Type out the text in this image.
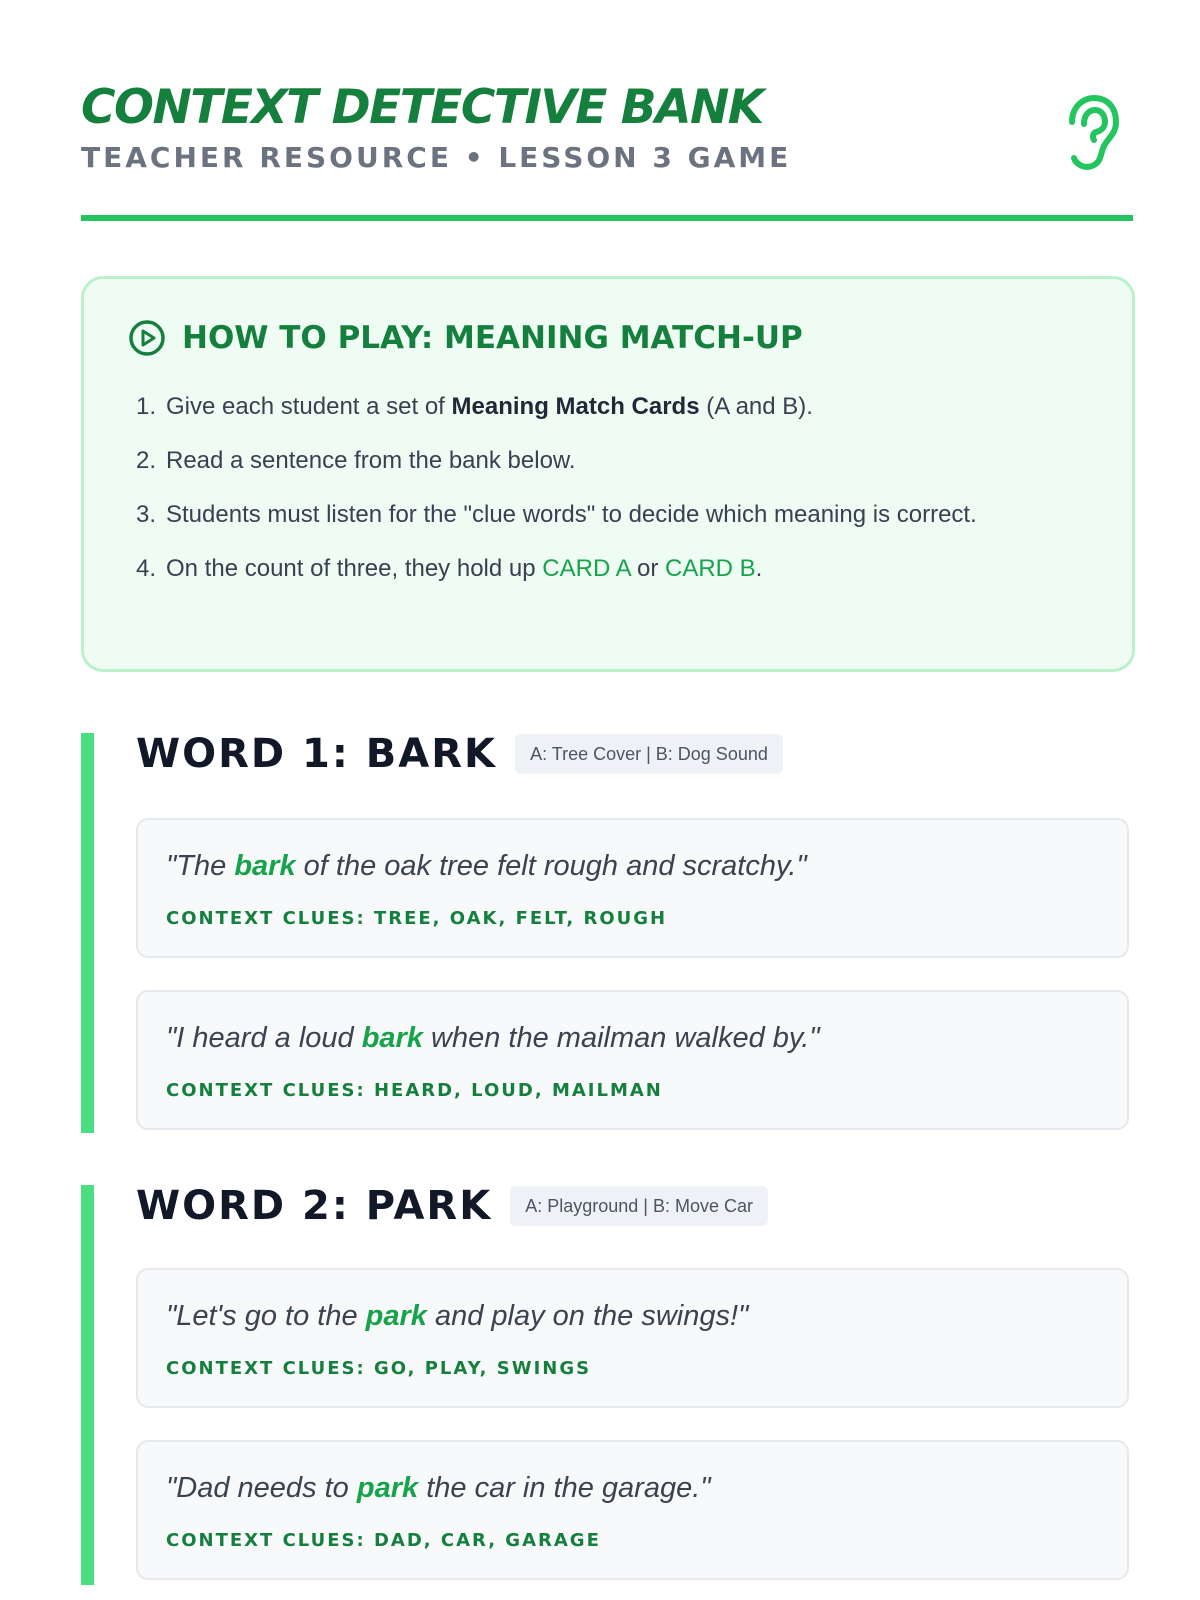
CONTEXT DETECTIVE BANK
TEACHER RESOURCE • LESSON 3 GAME
HOW TO PLAY: MEANING MATCH-UP
1. Give each student a set of Meaning Match Cards (A and B).
2. Read a sentence from the bank below.
3. Students must listen for the "clue words" to decide which meaning is correct.
4. On the count of three, they hold up CARD A or CARD B.
WORD 1: BARK	A: Tree Cover | B: Dog Sound
"The bark of the oak tree felt rough and scratchy."
CONTEXT CLUES: TREE, OAK, FELT, ROUGH
"I heard a loud bark when the mailman walked by."
CONTEXT CLUES: HEARD, LOUD, MAILMAN
WORD 2: PARK	A: Playground | B: Move Car
"Let's go to the park and play on the swings!"
CONTEXT CLUES: GO, PLAY, SWINGS
"Dad needs to park the car in the garage."
CONTEXT CLUES: DAD, CAR, GARAGE
